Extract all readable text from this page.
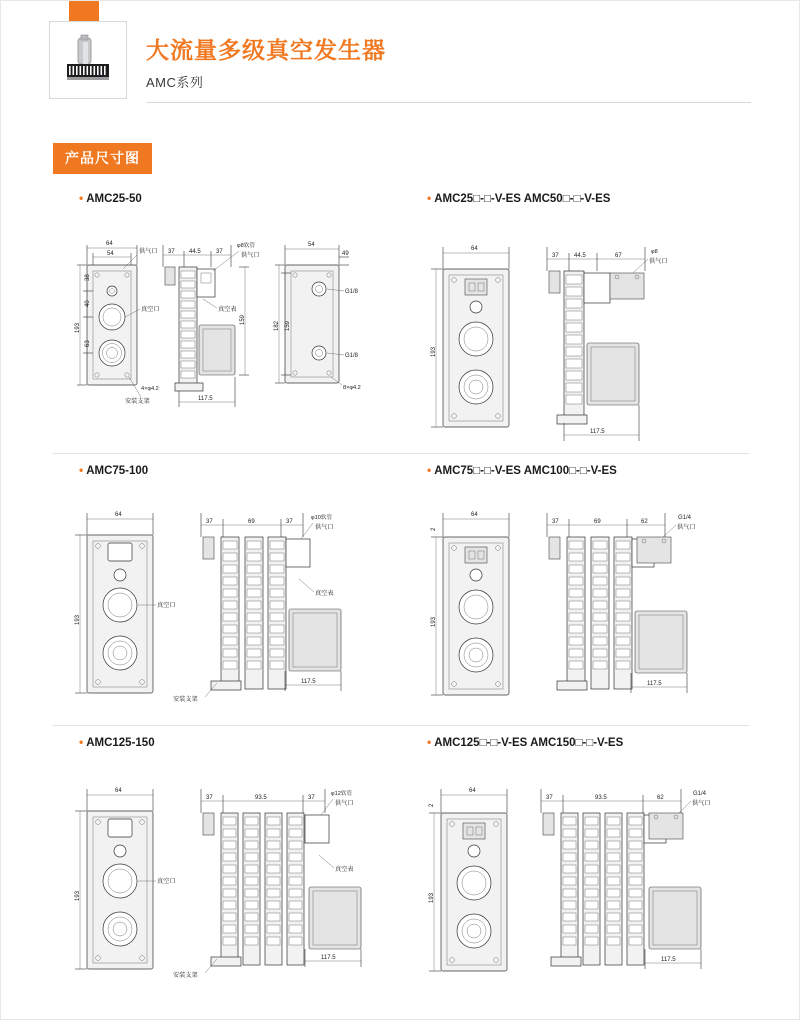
大流量多级真空发生器
AMC系列
产品尺寸图
• AMC25-50
64
54
193
38
40
63
供气口
真空口
安装支架
4×φ4.2
37 44.5	37
φ8软管
供气口
真空表
117.5
159
54
49
G1/8
G1/8
182 159
8×φ4.2
• AMC25□-□-V-ES AMC50□-□-V-ES
64
193
37	44.5	67
φ8
供气口
117.5
• AMC75-100
64
193
真空口
37	69	37
φ10软管
供气口
真空表
安装支架
117.5
• AMC75□-□-V-ES AMC100□-□-V-ES
64
2
193
37	69	62
G1/4
供气口
117.5
• AMC125-150
64
193
真空口
37	93.5	37
φ12软管
供气口
真空表
安装支架
117.5
• AMC125□-□-V-ES AMC150□-□-V-ES
64
2
193
37	93.5	62
G1/4
供气口
117.5
